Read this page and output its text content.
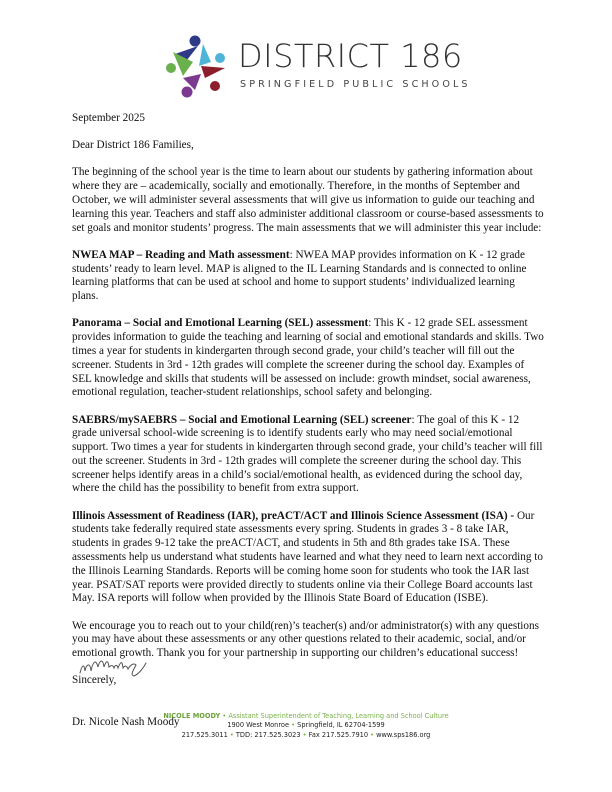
DISTRICT 186
SPRINGFIELD PUBLIC SCHOOLS

September 2025

Dear District 186 Families,

The beginning of the school year is the time to learn about our students by gathering information about where they are – academically, socially and emotionally. Therefore, in the months of September and October, we will administer several assessments that will give us information to guide our teaching and learning this year. Teachers and staff also administer additional classroom or course-based assessments to set goals and monitor students’ progress. The main assessments that we will administer this year include:

NWEA MAP – Reading and Math assessment: NWEA MAP provides information on K - 12 grade students’ ready to learn level. MAP is aligned to the IL Learning Standards and is connected to online learning platforms that can be used at school and home to support students’ individualized learning plans.

Panorama – Social and Emotional Learning (SEL) assessment: This K - 12 grade SEL assessment provides information to guide the teaching and learning of social and emotional standards and skills. Two times a year for students in kindergarten through second grade, your child’s teacher will fill out the screener. Students in 3rd - 12th grades will complete the screener during the school day. Examples of SEL knowledge and skills that students will be assessed on include: growth mindset, social awareness, emotional regulation, teacher-student relationships, school safety and belonging.

SAEBRS/mySAEBRS – Social and Emotional Learning (SEL) screener: The goal of this K - 12 grade universal school-wide screening is to identify students early who may need social/emotional support. Two times a year for students in kindergarten through second grade, your child’s teacher will fill out the screener. Students in 3rd - 12th grades will complete the screener during the school day. This screener helps identify areas in a child’s social/emotional health, as evidenced during the school day, where the child has the possibility to benefit from extra support.

Illinois Assessment of Readiness (IAR), preACT/ACT and Illinois Science Assessment (ISA) - Our students take federally required state assessments every spring. Students in grades 3 - 8 take IAR, students in grades 9-12 take the preACT/ACT, and students in 5th and 8th grades take ISA. These assessments help us understand what students have learned and what they need to learn next according to the Illinois Learning Standards. Reports will be coming home soon for students who took the IAR last year. PSAT/SAT reports were provided directly to students online via their College Board accounts last May. ISA reports will follow when provided by the Illinois State Board of Education (ISBE).

We encourage you to reach out to your child(ren)’s teacher(s) and/or administrator(s) with any questions you may have about these assessments or any other questions related to their academic, social, and/or emotional growth. Thank you for your partnership in supporting our children’s educational success!

Sincerely,

Dr. Nicole Nash Moody

NICOLE MOODY • Assistant Superintendent of Teaching, Learning and School Culture
1900 West Monroe • Springfield, IL 62704-1599
217.525.3011 • TDD: 217.525.3023 • Fax 217.525.7910 • www.sps186.org
